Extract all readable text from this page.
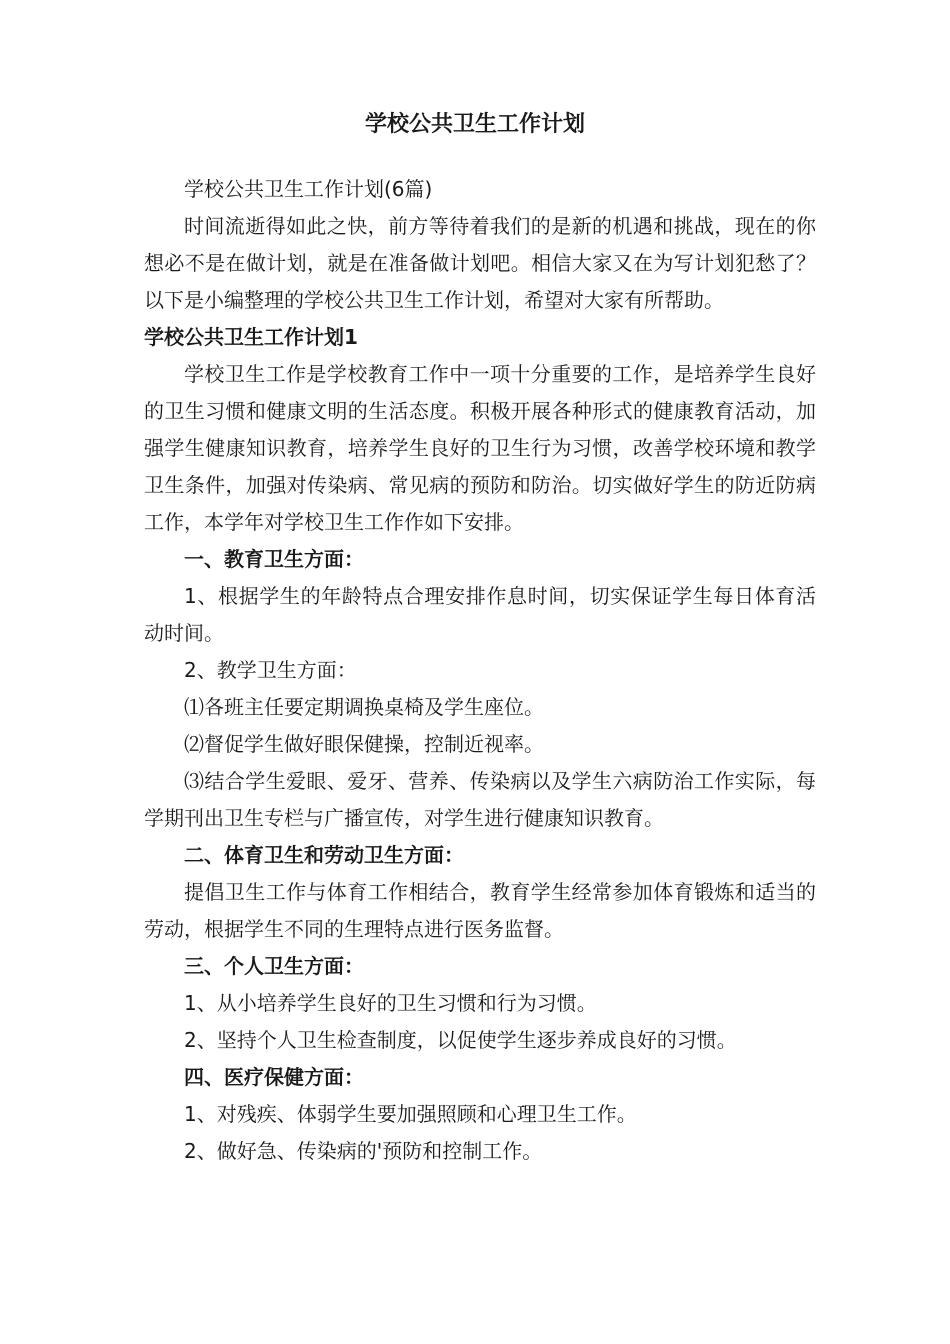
学校公共卫生工作计划

学校公共卫生工作计划(6篇)

时间流逝得如此之快，前方等待着我们的是新的机遇和挑战，现在的你想必不是在做计划，就是在准备做计划吧。相信大家又在为写计划犯愁了？以下是小编整理的学校公共卫生工作计划，希望对大家有所帮助。

学校公共卫生工作计划1

学校卫生工作是学校教育工作中一项十分重要的工作，是培养学生良好的卫生习惯和健康文明的生活态度。积极开展各种形式的健康教育活动，加强学生健康知识教育，培养学生良好的卫生行为习惯，改善学校环境和教学卫生条件，加强对传染病、常见病的预防和防治。切实做好学生的防近防病工作，本学年对学校卫生工作作如下安排。

一、教育卫生方面：

1、根据学生的年龄特点合理安排作息时间，切实保证学生每日体育活动时间。

2、教学卫生方面：

⑴各班主任要定期调换桌椅及学生座位。

⑵督促学生做好眼保健操，控制近视率。

⑶结合学生爱眼、爱牙、营养、传染病以及学生六病防治工作实际，每学期刊出卫生专栏与广播宣传，对学生进行健康知识教育。

二、体育卫生和劳动卫生方面：

提倡卫生工作与体育工作相结合，教育学生经常参加体育锻炼和适当的劳动，根据学生不同的生理特点进行医务监督。

三、个人卫生方面：

1、从小培养学生良好的卫生习惯和行为习惯。

2、坚持个人卫生检查制度，以促使学生逐步养成良好的习惯。

四、医疗保健方面：

1、对残疾、体弱学生要加强照顾和心理卫生工作。

2、做好急、传染病的'预防和控制工作。
